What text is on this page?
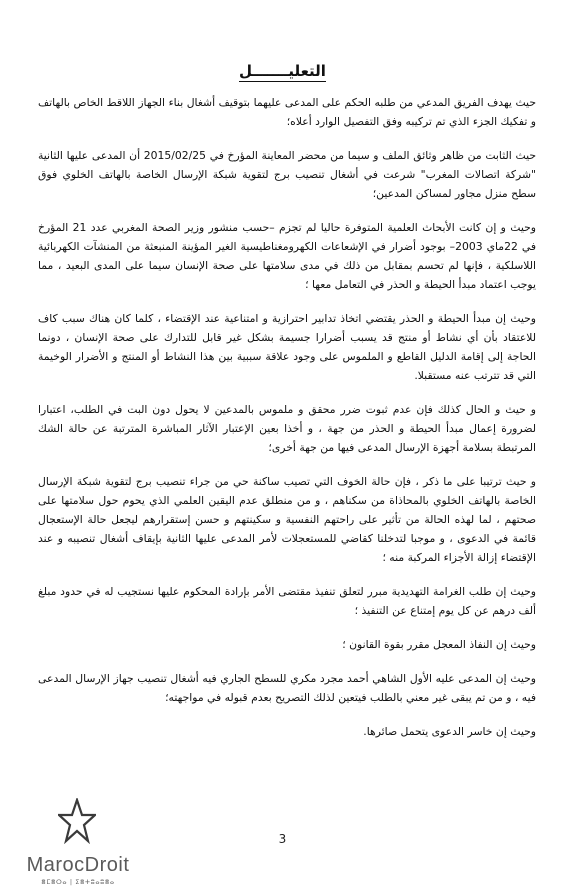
التعليـــــــل

حيث يهدف الفريق المدعي من طلبه الحكم على المدعى عليهما بتوقيف أشغال بناء الجهاز اللاقط الخاص بالهاتف و تفكيك الجزء الذي تم تركيبه وفق التفصيل الوارد أعلاه؛

حيث الثابت من ظاهر وثائق الملف و سيما من محضر المعاينة المؤرخ في 2015/02/25 أن المدعى عليها الثانية "شركة اتصالات المغرب" شرعت في أشغال تنصيب برج لتقوية شبكة الإرسال الخاصة بالهاتف الخلوي فوق سطح منزل مجاور لمساكن المدعين؛

وحيث و إن كانت الأبحاث العلمية المتوفرة حاليا لم تجزم –حسب منشور وزير الصحة المغربي عدد 21 المؤرخ في 22ماي 2003– بوجود أضرار في الإشعاعات الكهرومغناطيسية الغير المؤينة المنبعثة من المنشآت الكهربائية اللاسلكية ، فإنها لم تحسم بمقابل من ذلك في مدى سلامتها على صحة الإنسان سيما على المدى البعيد ، مما يوجب اعتماد مبدأ الحيطة و الحذر في التعامل معها ؛

وحيث إن مبدأ الحيطة و الحذر يقتضي اتخاذ تدابير احترازية و امتناعية عند الإقتضاء ، كلما كان هناك سبب كاف للاعتقاد بأن أي نشاط أو منتج قد يسبب أضرارا جسيمة بشكل غير قابل للتدارك على صحة الإنسان ، دونما الحاجة إلى إقامة الدليل القاطع و الملموس على وجود علاقة سببية بين هذا النشاط أو المنتج و الأضرار الوخيمة التي قد تترتب عنه مستقبلا.

و حيث و الحال كذلك فإن عدم ثبوت ضرر محقق و ملموس بالمدعين لا يحول دون البت في الطلب، اعتبارا لضرورة إعمال مبدأ الحيطة و الحذر من جهة ، و أخذا بعين الإعتبار الآثار المباشرة المترتبة عن حالة الشك المرتبطة بسلامة أجهزة الإرسال المدعى فيها من جهة أخرى؛

و حيث ترتيبا على ما ذكر ، فإن حالة الخوف التي تصيب ساكنة حي من جراء تنصيب برج لتقوية شبكة الإرسال الخاصة بالهاتف الخلوي بالمحاذاة من سكناهم ، و من منطلق عدم اليقين العلمي الذي يحوم حول سلامتها على صحتهم ، لما لهذه الحالة من تأثير على راحتهم النفسية و سكينتهم و حسن إستقرارهم ليجعل حالة الإستعجال قائمة في الدعوى ، و موجبا لتدخلنا كقاضي للمستعجلات لأمر المدعى عليها الثانية بإيقاف أشغال تنصيبه و عند الإقتضاء إزالة الأجزاء المركبة منه ؛

وحيث إن طلب الغرامة التهديدية مبرر لتعلق تنفيذ مقتضى الأمر بإرادة المحكوم عليها نستجيب له في حدود مبلغ ألف درهم عن كل يوم إمتناع عن التنفيذ ؛

وحيث إن النفاذ المعجل مقرر بقوة القانون ؛

وحيث إن المدعى عليه الأول الشاهي أحمد مجرد مكري للسطح الجاري فيه أشغال تنصيب جهاز الإرسال المدعى فيه ، و من تم يبقى غير معني بالطلب فيتعين لذلك التصريح بعدم قبوله في مواجهته؛

وحيث إن خاسر الدعوى يتحمل صائرها.

3
MarocDroit
ⴻⵎⴻⵔⴰ | ⵉⴻⵜⵓⴰⵓⴻⴰ
